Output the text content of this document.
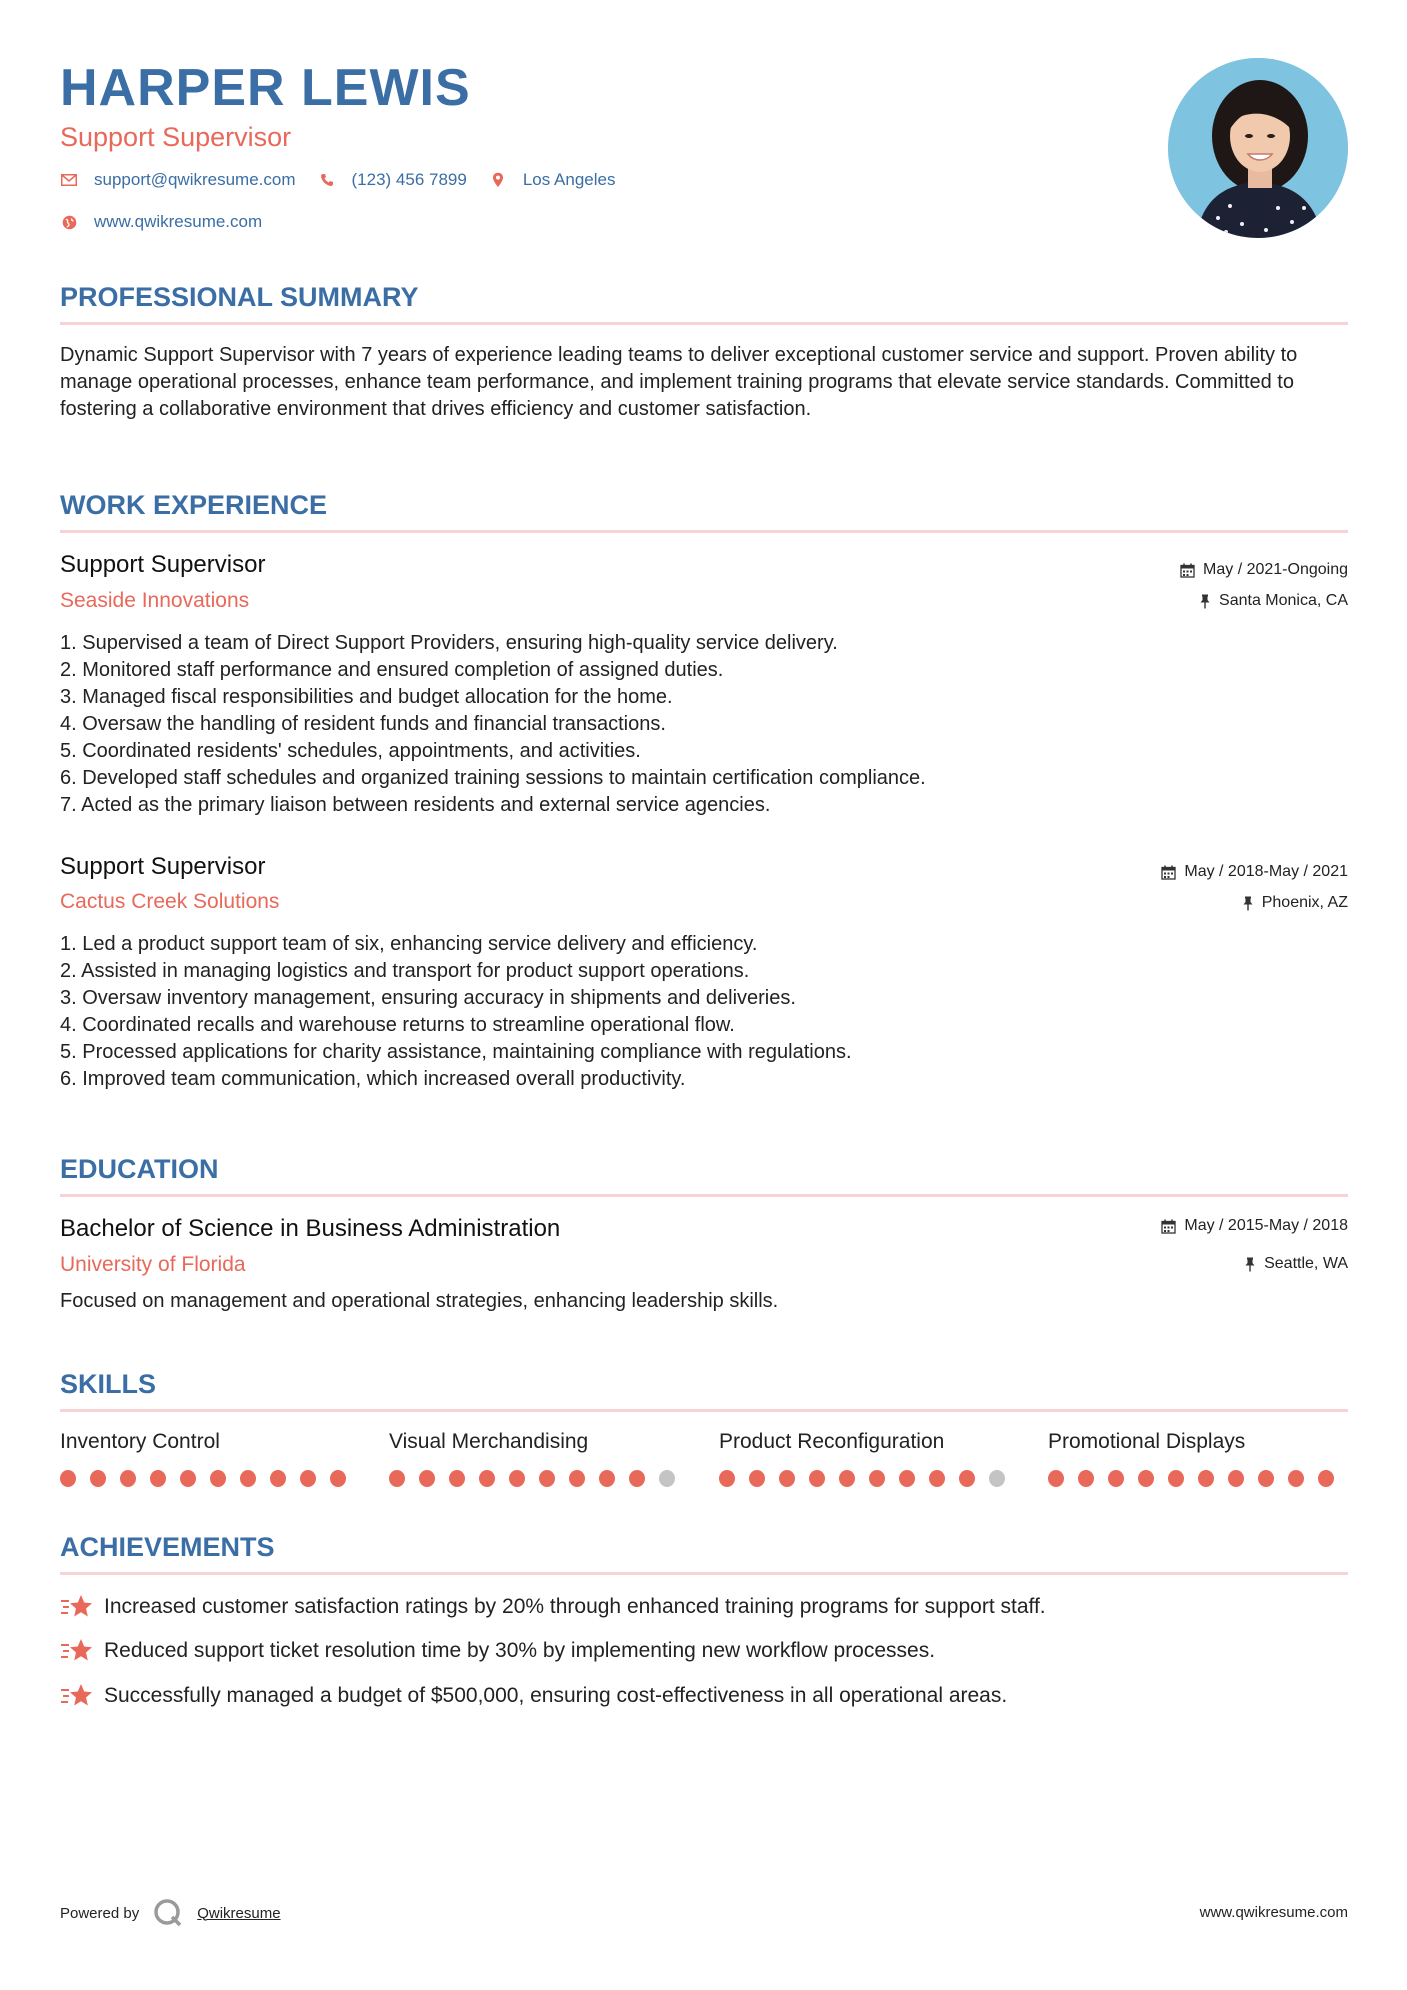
HARPER LEWIS
Support Supervisor
support@qwikresume.com	(123) 456 7899	Los Angeles
www.qwikresume.com
PROFESSIONAL SUMMARY
Dynamic Support Supervisor with 7 years of experience leading teams to deliver exceptional customer service and support. Proven ability to manage operational processes, enhance team performance, and implement training programs that elevate service standards. Committed to fostering a collaborative environment that drives efficiency and customer satisfaction.
WORK EXPERIENCE
Support Supervisor
Seaside Innovations
May / 2021-Ongoing
Santa Monica, CA
1. Supervised a team of Direct Support Providers, ensuring high-quality service delivery.
2. Monitored staff performance and ensured completion of assigned duties.
3. Managed fiscal responsibilities and budget allocation for the home.
4. Oversaw the handling of resident funds and financial transactions.
5. Coordinated residents' schedules, appointments, and activities.
6. Developed staff schedules and organized training sessions to maintain certification compliance.
7. Acted as the primary liaison between residents and external service agencies.
Support Supervisor
Cactus Creek Solutions
May / 2018-May / 2021
Phoenix, AZ
1. Led a product support team of six, enhancing service delivery and efficiency.
2. Assisted in managing logistics and transport for product support operations.
3. Oversaw inventory management, ensuring accuracy in shipments and deliveries.
4. Coordinated recalls and warehouse returns to streamline operational flow.
5. Processed applications for charity assistance, maintaining compliance with regulations.
6. Improved team communication, which increased overall productivity.
EDUCATION
Bachelor of Science in Business Administration
University of Florida
May / 2015-May / 2018
Seattle, WA
Focused on management and operational strategies, enhancing leadership skills.
SKILLS
Inventory Control	Visual Merchandising	Product Reconfiguration	Promotional Displays
ACHIEVEMENTS
Increased customer satisfaction ratings by 20% through enhanced training programs for support staff.
Reduced support ticket resolution time by 30% by implementing new workflow processes.
Successfully managed a budget of $500,000, ensuring cost-effectiveness in all operational areas.
Powered by	Qwikresume	www.qwikresume.com
